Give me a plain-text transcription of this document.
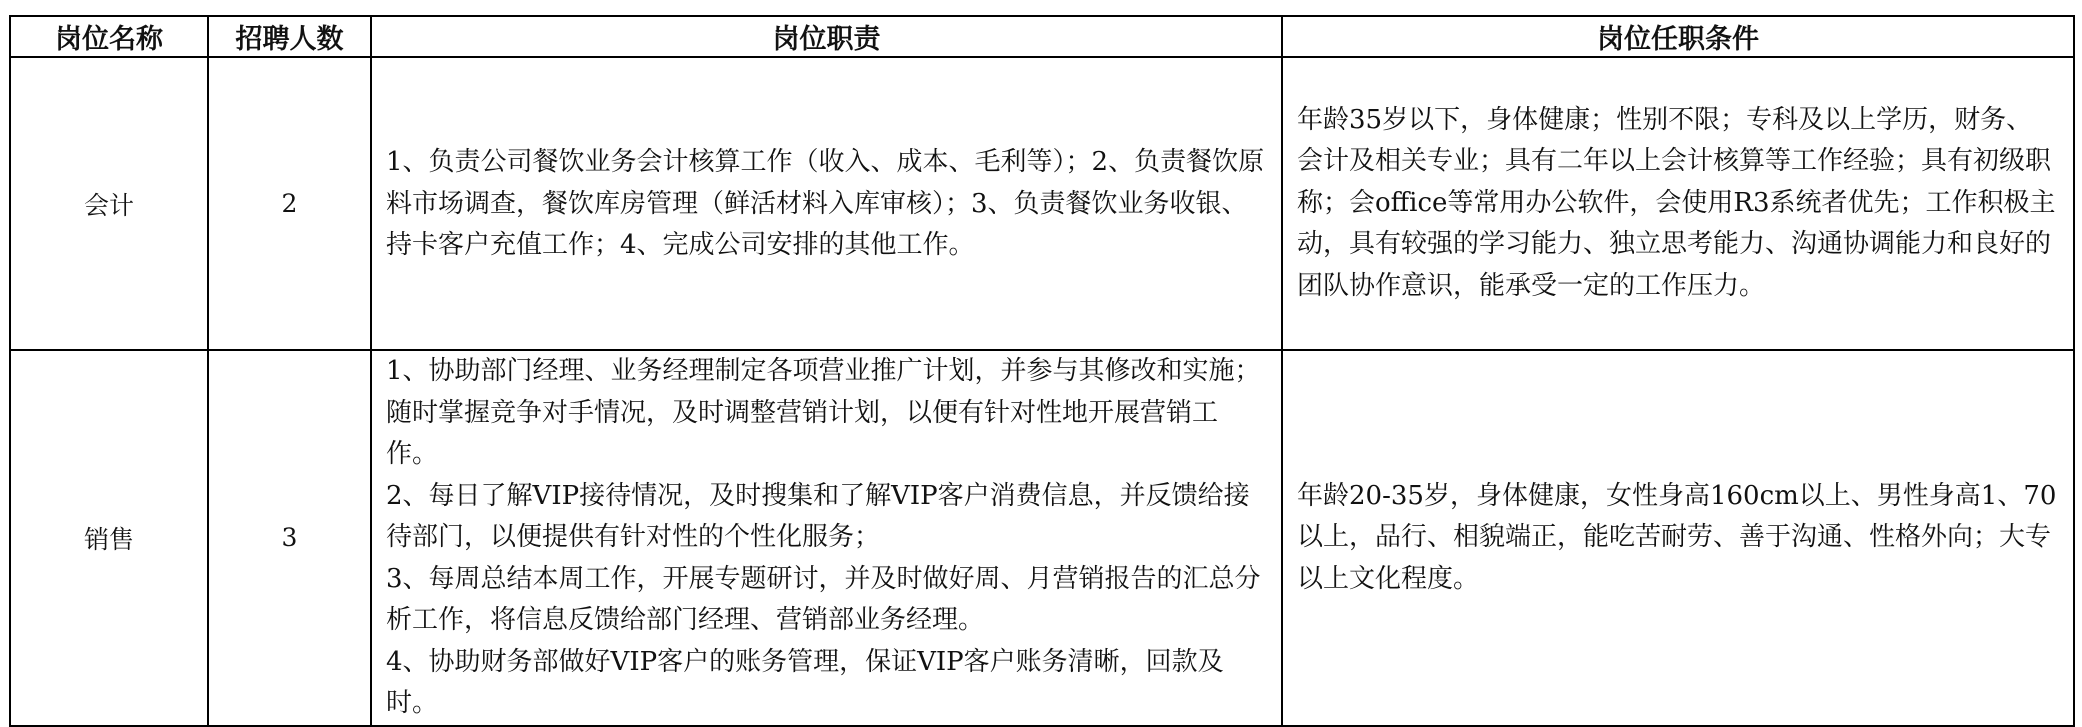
岗位名称	招聘人数	岗位职责	岗位任职条件
会计	2	1、负责公司餐饮业务会计核算工作（收入、成本、毛利等）；2、负责餐饮原料市场调查，餐饮库房管理（鲜活材料入库审核）；3、负责餐饮业务收银、持卡客户充值工作；4、完成公司安排的其他工作。	年龄35岁以下，身体健康；性别不限；专科及以上学历，财务、会计及相关专业；具有二年以上会计核算等工作经验；具有初级职称；会office等常用办公软件，会使用R3系统者优先；工作积极主动，具有较强的学习能力、独立思考能力、沟通协调能力和良好的团队协作意识，能承受一定的工作压力。
销售	3	1、协助部门经理、业务经理制定各项营业推广计划，并参与其修改和实施；随时掌握竞争对手情况，及时调整营销计划，以便有针对性地开展营销工作。

2、每日了解VIP接待情况，及时搜集和了解VIP客户消费信息，并反馈给接待部门，以便提供有针对性的个性化服务；

3、每周总结本周工作，开展专题研讨，并及时做好周、月营销报告的汇总分析工作，将信息反馈给部门经理、营销部业务经理。

4、协助财务部做好VIP客户的账务管理，保证VIP客户账务清晰，回款及时。	年龄20-35岁，身体健康，女性身高160cm以上、男性身高1、70以上，品行、相貌端正，能吃苦耐劳、善于沟通、性格外向；大专以上文化程度。
